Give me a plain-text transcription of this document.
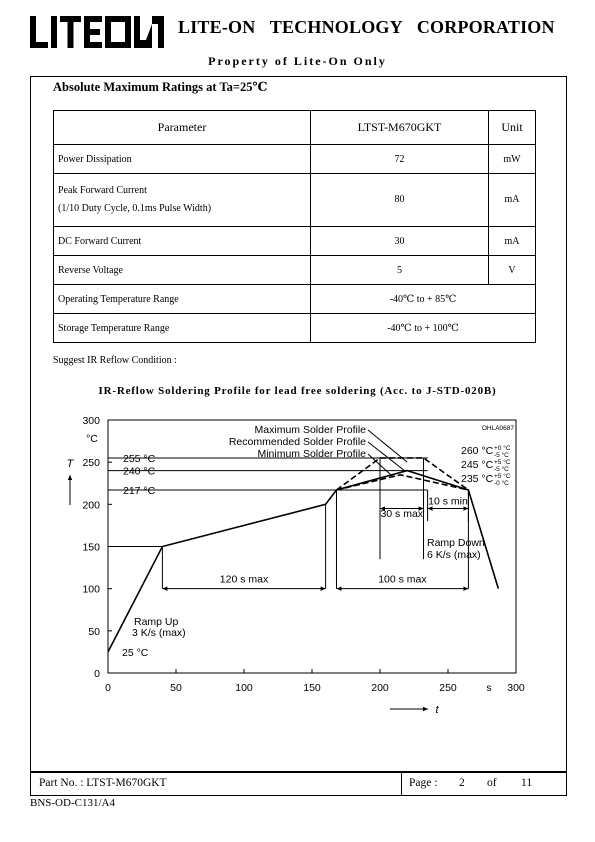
LITE-ON TECHNOLOGY CORPORATION
Property of Lite-On Only
Absolute Maximum Ratings at Ta=25℃
Parameter	LTST-M670GKT	Unit
Power Dissipation	72	mW

Peak Forward Current
(1/10 Duty Cycle, 0.1ms Pulse Width)	80	mA
DC Forward Current	30	mA
Reverse Voltage	5	V
Operating Temperature Range	-40℃ to + 85℃	
Storage Temperature Range	-40℃ to + 100℃	
Suggest IR Reflow Condition :
IR-Reflow Soldering Profile for lead free soldering (Acc. to J-STD-020B)
0	50	100	150	200	250	300
s
0
50
100
150
200
250
300
°C
T
t
OHLA0687
255 °C
240 °C
217 °C
120 s max	100 s max
30 s max
10 s min
Maximum Solder Profile
Recommended Solder Profile
Minimum Solder Profile	260 °C +0 °C
-5 °C
245 °C +5 °C
-5 °C
235 °C +5 °C
-0 °C
Ramp Up
3 K/s (max)
Ramp Down
6 K/s (max)
25 °C
Part No. : LTST-M670GKT	Page : 2 of 11
BNS-OD-C131/A4
